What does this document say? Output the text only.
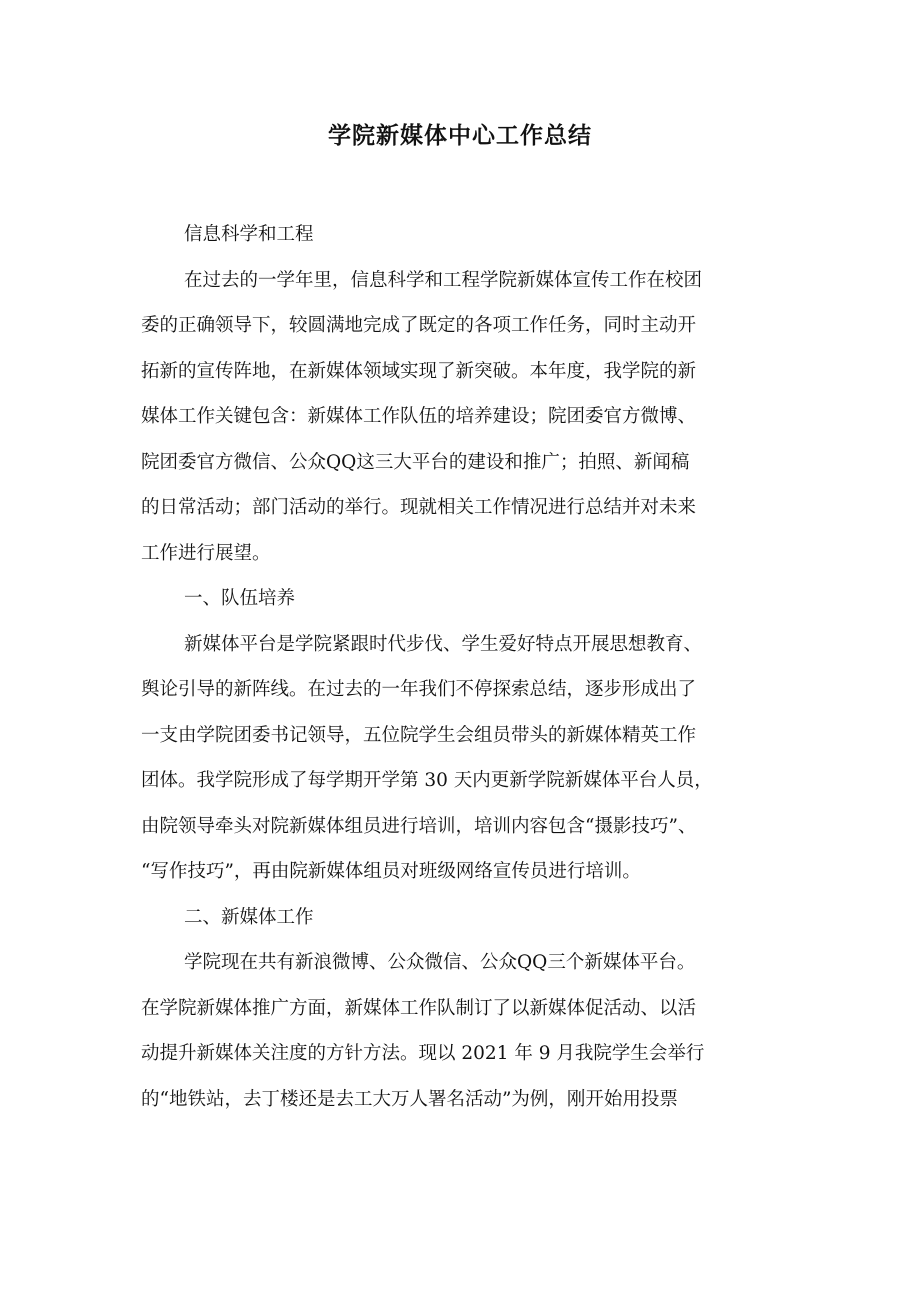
学院新媒体中心工作总结
信息科学和工程
在过去的一学年里，信息科学和工程学院新媒体宣传工作在校团
委的正确领导下，较圆满地完成了既定的各项工作任务，同时主动开
拓新的宣传阵地，在新媒体领域实现了新突破。本年度，我学院的新
媒体工作关键包含：新媒体工作队伍的培养建设；院团委官方微博、
院团委官方微信、公众QQ这三大平台的建设和推广；拍照、新闻稿
的日常活动；部门活动的举行。现就相关工作情况进行总结并对未来
工作进行展望。
一、队伍培养
新媒体平台是学院紧跟时代步伐、学生爱好特点开展思想教育、
舆论引导的新阵线。在过去的一年我们不停探索总结，逐步形成出了
一支由学院团委书记领导，五位院学生会组员带头的新媒体精英工作
团体。我学院形成了每学期开学第 30 天内更新学院新媒体平台人员，
由院领导牵头对院新媒体组员进行培训，培训内容包含“摄影技巧”、
“写作技巧”，再由院新媒体组员对班级网络宣传员进行培训。
二、新媒体工作
学院现在共有新浪微博、公众微信、公众QQ三个新媒体平台。
在学院新媒体推广方面，新媒体工作队制订了以新媒体促活动、以活
动提升新媒体关注度的方针方法。现以 2021 年 9 月我院学生会举行
的“地铁站，去丁楼还是去工大万人署名活动”为例，刚开始用投票
